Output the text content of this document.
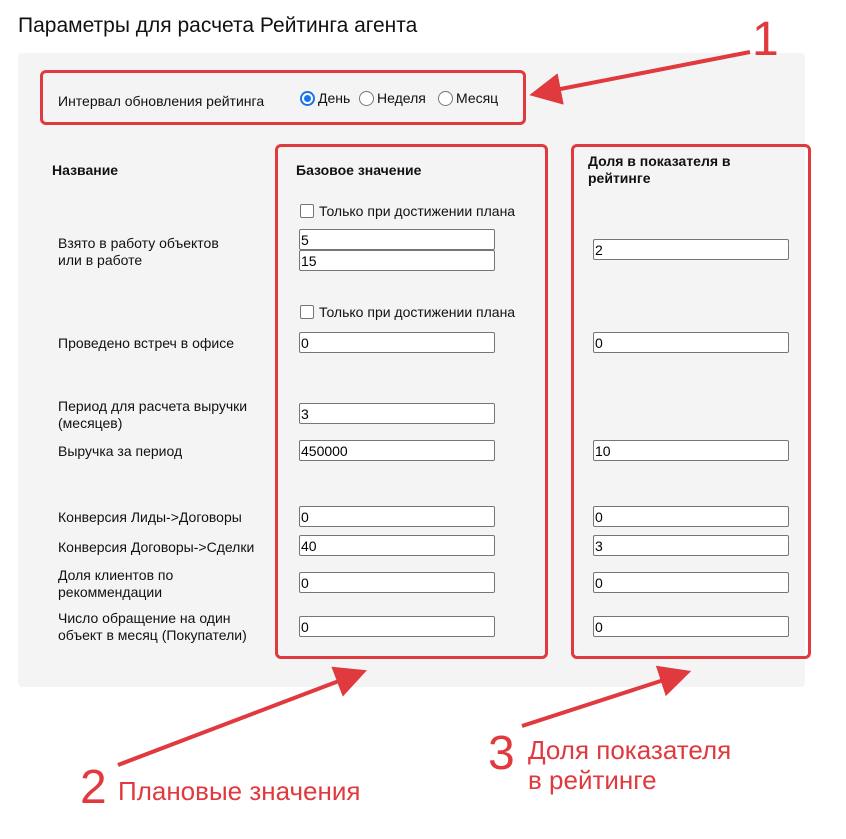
Параметры для расчета Рейтинга агента
Интервал обновления рейтинга	День Неделя Месяц
Название	Базовое значение
Доля в показателя в рейтинге
Только при достижении плана
Взято в работу объектов
или в работе
5
15
2
Только при достижении плана
Проведено встреч в офисе
0
0
Период для расчета выручки
(месяцев)
3
Выручка за период
450000
10
Конверсия Лиды->Договоры
0
0
Конверсия Договоры->Сделки
40
3
Доля клиентов по
рекоммендации
0
0
Число обращение на один
объект в месяц (Покупатели)
0
0
1
2 Плановые значения
3 Доля показателя
в рейтинге
